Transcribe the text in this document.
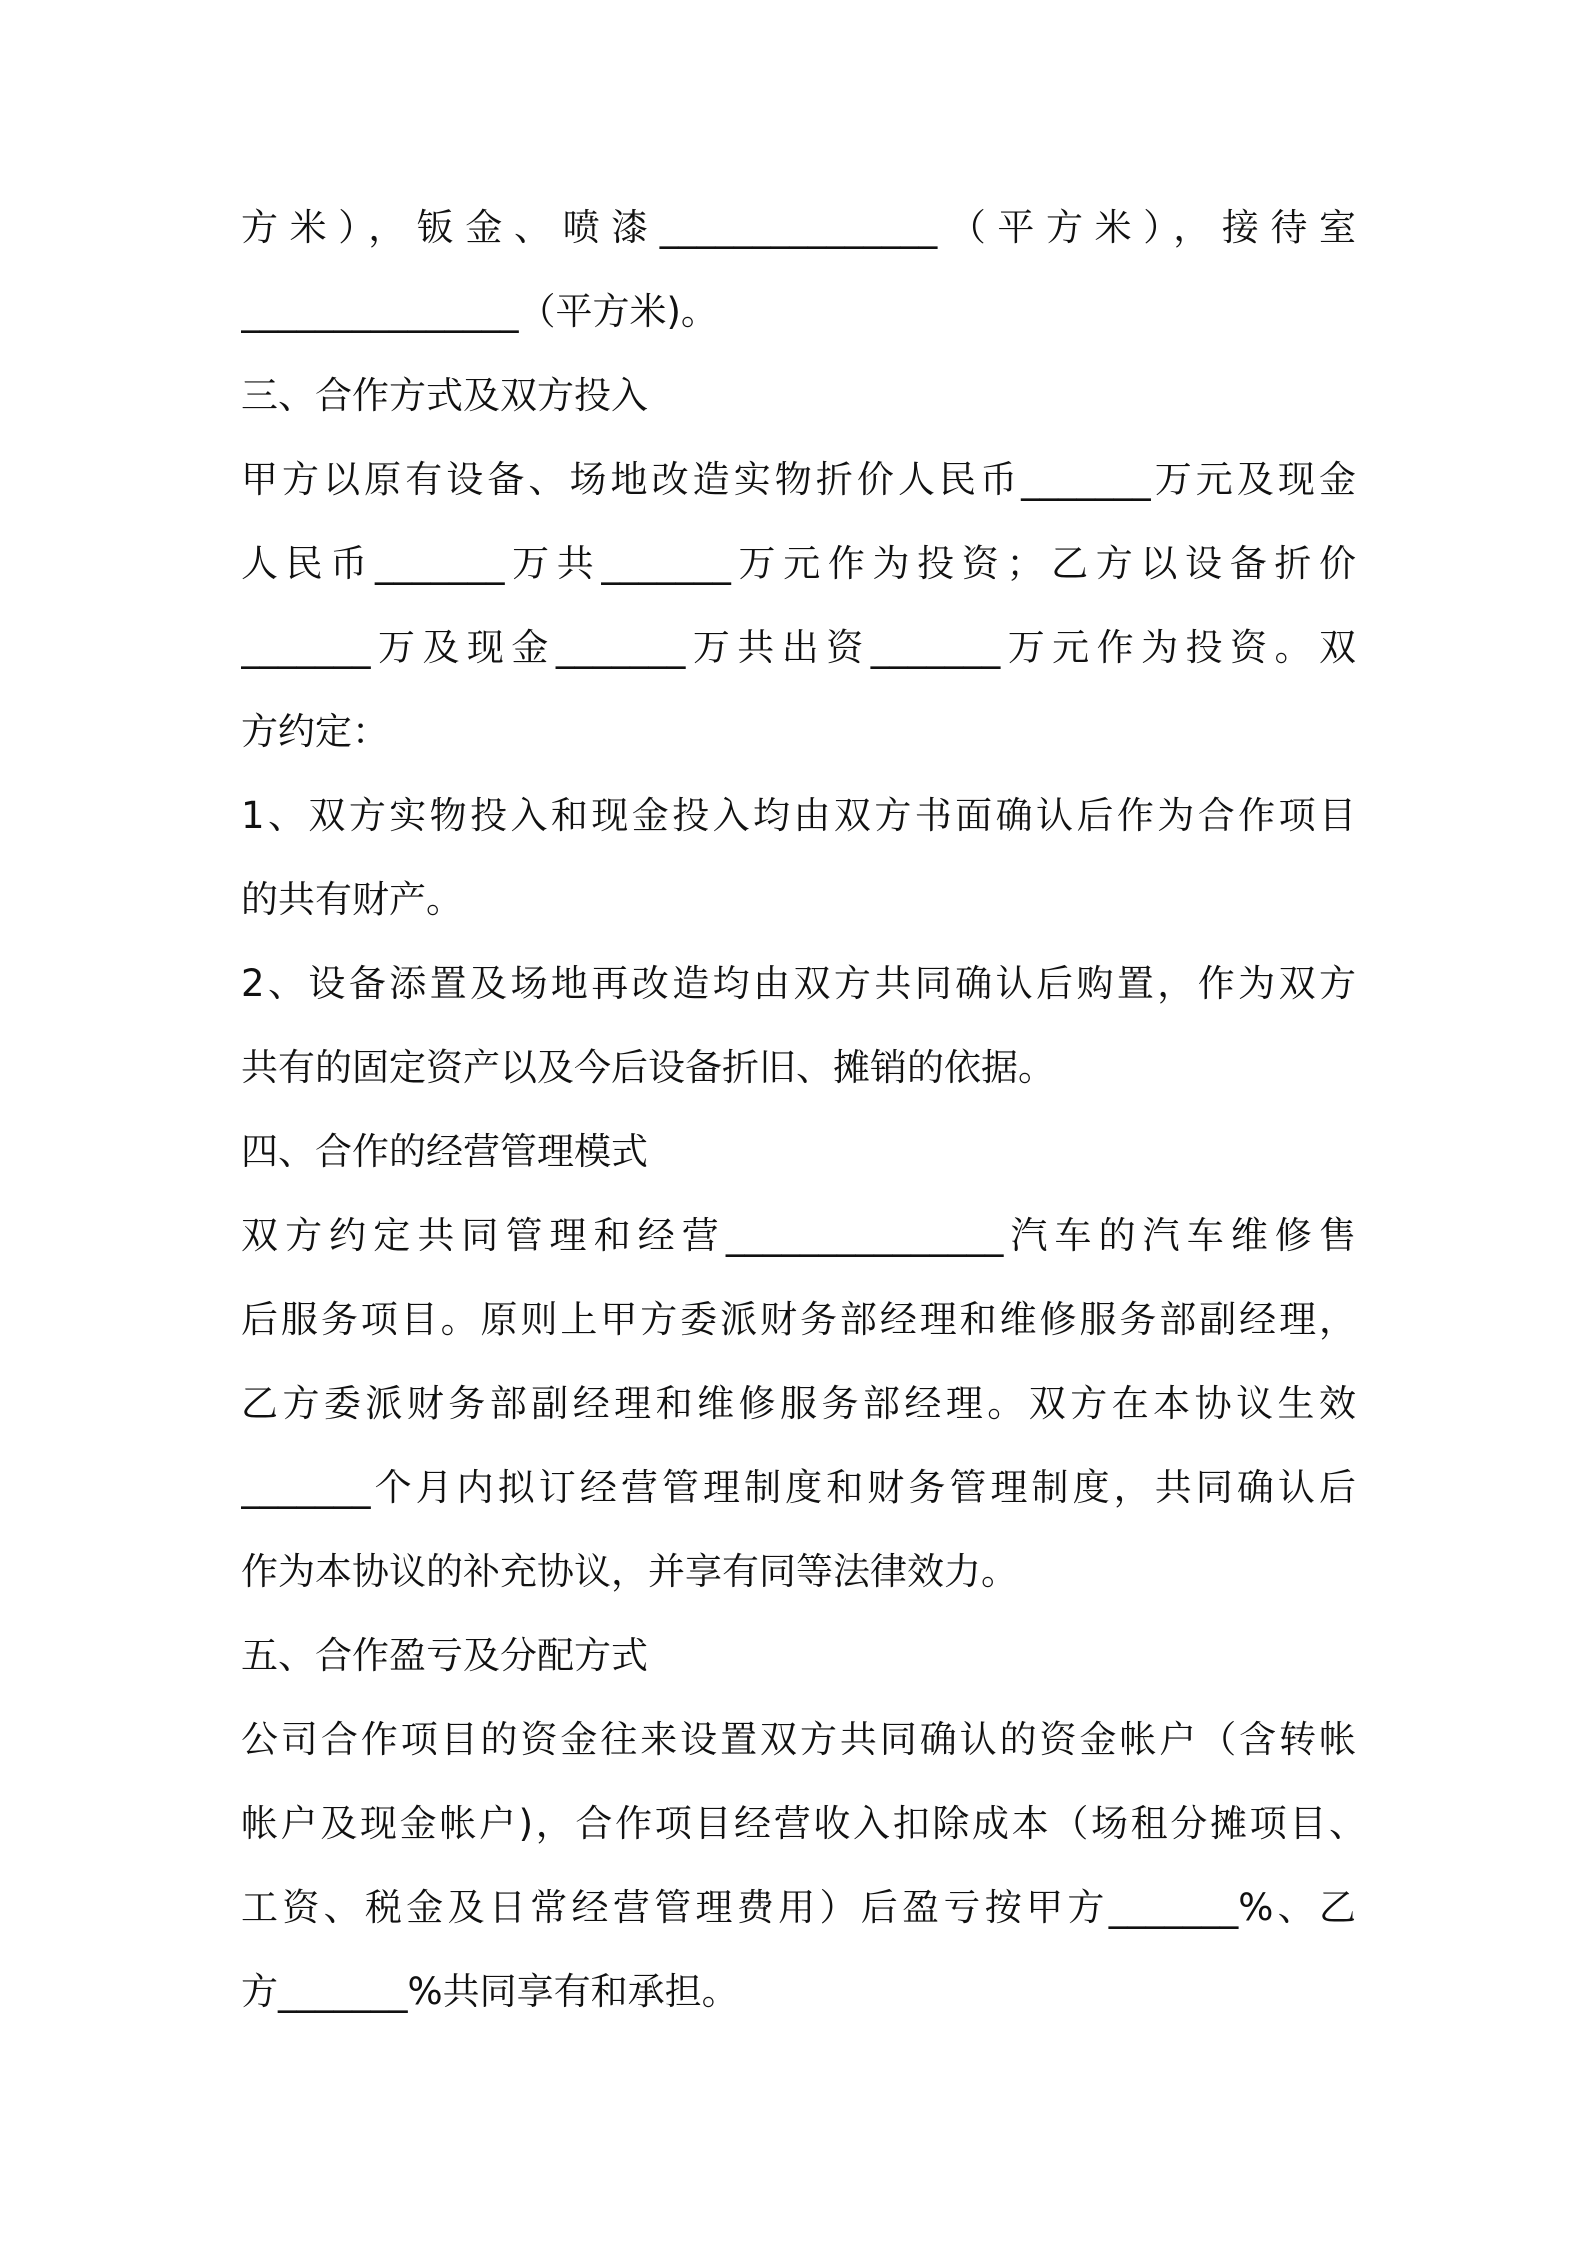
方米），钣金、喷漆_______________（平方米），接待室
_______________（平方米)。
三、合作方式及双方投入
甲方以原有设备、场地改造实物折价人民币_______万元及现金
人民币_______万共_______万元作为投资；乙方以设备折价
_______万及现金_______万共出资_______万元作为投资。双
方约定：
1、双方实物投入和现金投入均由双方书面确认后作为合作项目
的共有财产。
2、设备添置及场地再改造均由双方共同确认后购置，作为双方
共有的固定资产以及今后设备折旧、摊销的依据。
四、合作的经营管理模式
双方约定共同管理和经营_______________汽车的汽车维修售
后服务项目。原则上甲方委派财务部经理和维修服务部副经理，
乙方委派财务部副经理和维修服务部经理。双方在本协议生效
_______个月内拟订经营管理制度和财务管理制度，共同确认后
作为本协议的补充协议，并享有同等法律效力。
五、合作盈亏及分配方式
公司合作项目的资金往来设置双方共同确认的资金帐户（含转帐
帐户及现金帐户)，合作项目经营收入扣除成本（场租分摊项目、
工资、税金及日常经营管理费用）后盈亏按甲方_______%、乙
方_______%共同享有和承担。
